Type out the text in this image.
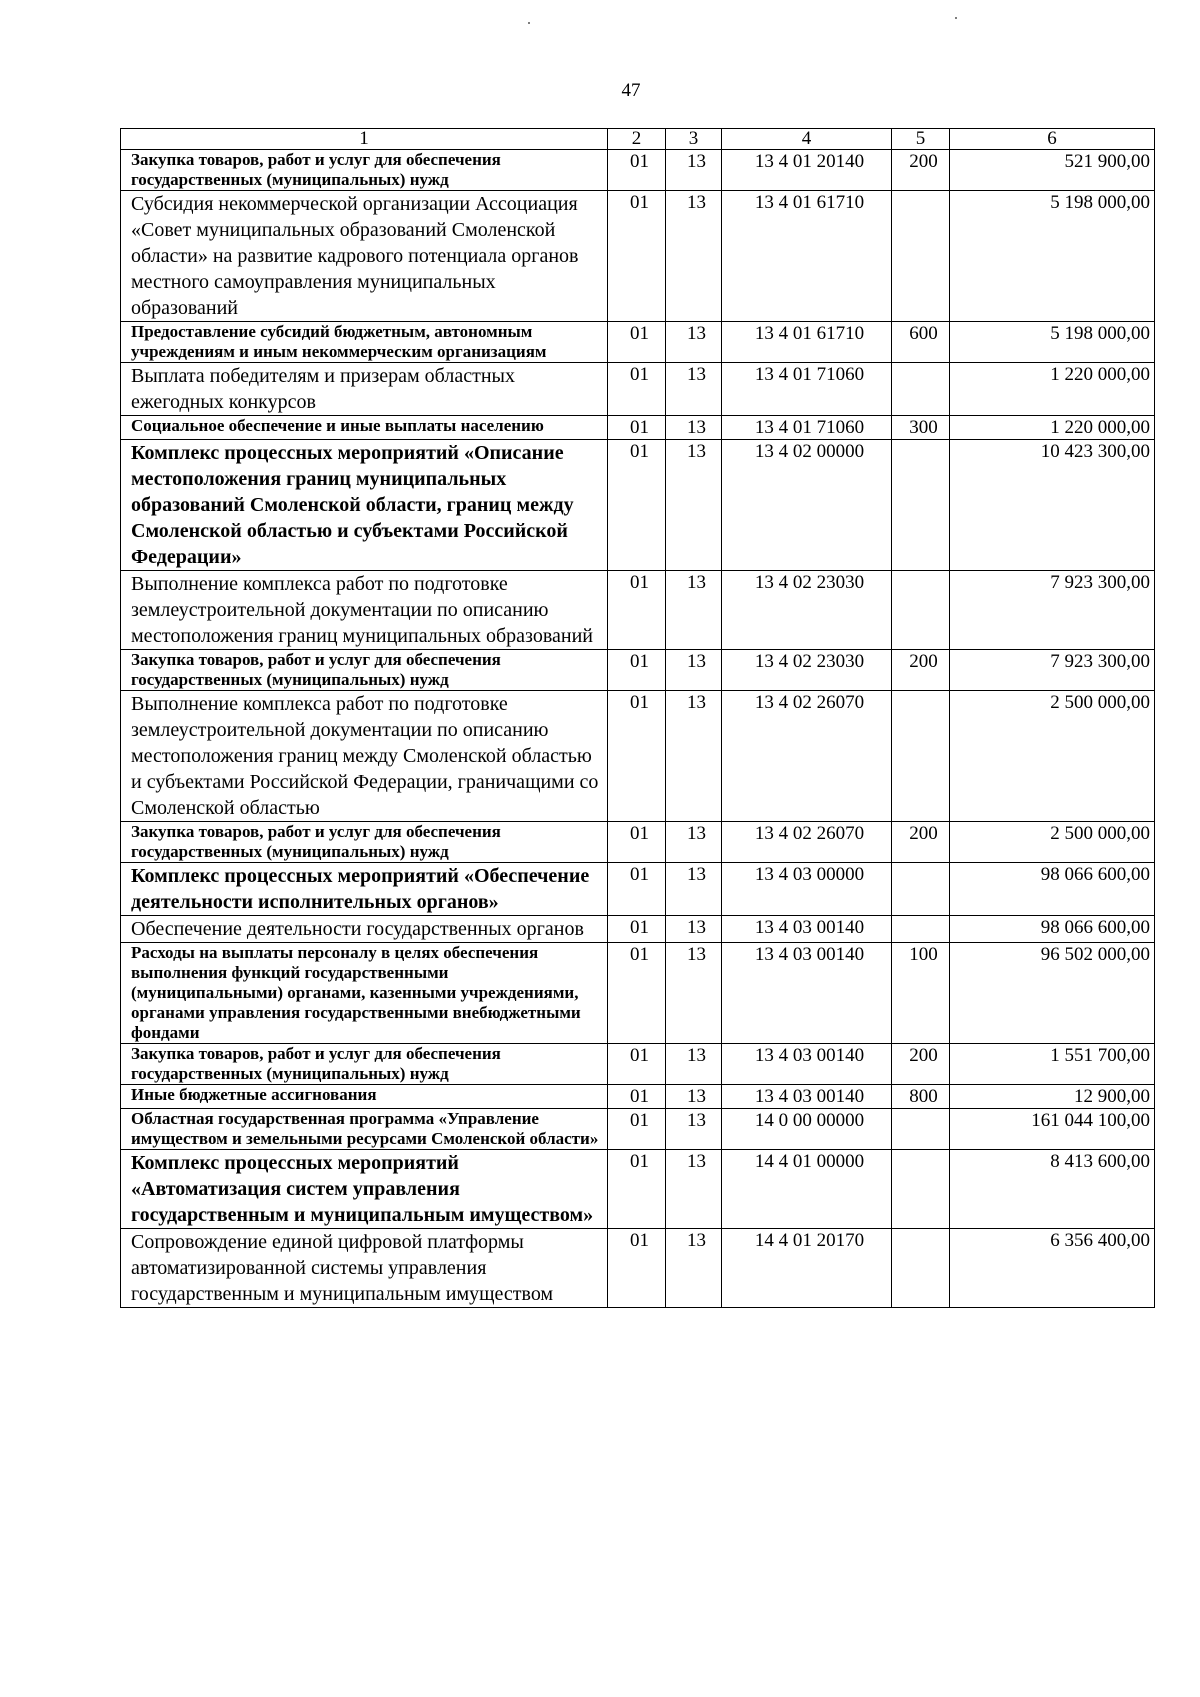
47
1	2	3	4	5	6
Закупка товаров, работ и услуг для обеспечения государственных (муниципальных) нужд	01	13	13 4 01 20140	200	521 900,00
Субсидия некоммерческой организации Ассоциация «Совет муниципальных образований Смоленской области» на развитие кадрового потенциала органов местного самоуправления муниципальных образований	01	13	13 4 01 61710		5 198 000,00
Предоставление субсидий бюджетным, автономным учреждениям и иным некоммерческим организациям	01	13	13 4 01 61710	600	5 198 000,00
Выплата победителям и призерам областных ежегодных конкурсов	01	13	13 4 01 71060		1 220 000,00
Социальное обеспечение и иные выплаты населению	01	13	13 4 01 71060	300	1 220 000,00
Комплекс процессных мероприятий «Описание местоположения границ муниципальных образований Смоленской области, границ между Смоленской областью и субъектами Российской Федерации»	01	13	13 4 02 00000		10 423 300,00
Выполнение комплекса работ по подготовке землеустроительной документации по описанию местоположения границ муниципальных образований	01	13	13 4 02 23030		7 923 300,00
Закупка товаров, работ и услуг для обеспечения государственных (муниципальных) нужд	01	13	13 4 02 23030	200	7 923 300,00
Выполнение комплекса работ по подготовке землеустроительной документации по описанию местоположения границ между Смоленской областью и субъектами Российской Федерации, граничащими со Смоленской областью	01	13	13 4 02 26070		2 500 000,00
Закупка товаров, работ и услуг для обеспечения государственных (муниципальных) нужд	01	13	13 4 02 26070	200	2 500 000,00
Комплекс процессных мероприятий «Обеспечение деятельности исполнительных органов»	01	13	13 4 03 00000		98 066 600,00
Обеспечение деятельности государственных органов	01	13	13 4 03 00140		98 066 600,00
Расходы на выплаты персоналу в целях обеспечения выполнения функций государственными (муниципальными) органами, казенными учреждениями, органами управления государственными внебюджетными фондами	01	13	13 4 03 00140	100	96 502 000,00
Закупка товаров, работ и услуг для обеспечения государственных (муниципальных) нужд	01	13	13 4 03 00140	200	1 551 700,00
Иные бюджетные ассигнования	01	13	13 4 03 00140	800	12 900,00
Областная государственная программа «Управление имуществом и земельными ресурсами Смоленской области»	01	13	14 0 00 00000		161 044 100,00
Комплекс процессных мероприятий «Автоматизация систем управления государственным и муниципальным имуществом»	01	13	14 4 01 00000		8 413 600,00
Сопровождение единой цифровой платформы автоматизированной системы управления государственным и муниципальным имуществом	01	13	14 4 01 20170		6 356 400,00
